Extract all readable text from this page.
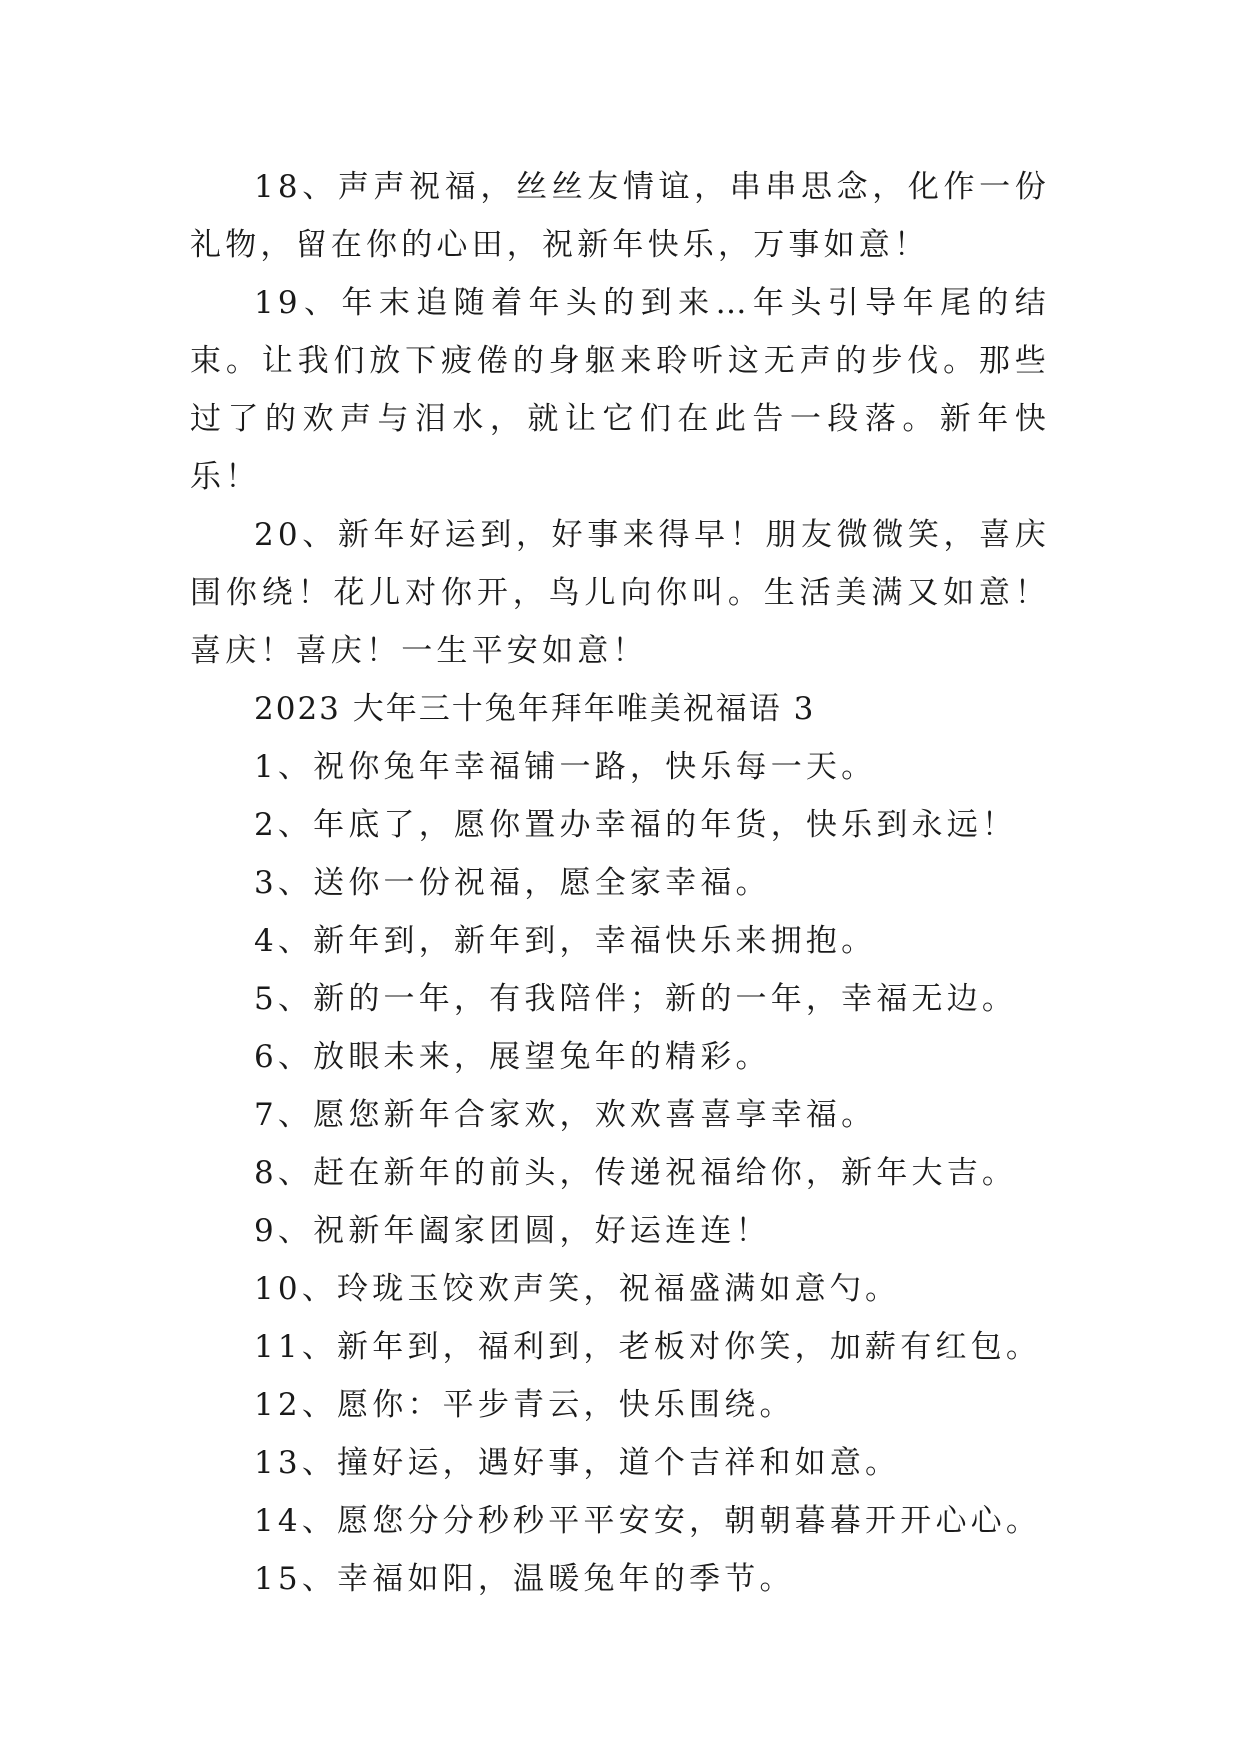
18、声声祝福，丝丝友情谊，串串思念，化作一份礼物，留在你的心田，祝新年快乐，万事如意！

19、年末追随着年头的到来…年头引导年尾的结束。让我们放下疲倦的身躯来聆听这无声的步伐。那些过了的欢声与泪水，就让它们在此告一段落。新年快乐！

20、新年好运到，好事来得早！朋友微微笑，喜庆围你绕！花儿对你开，鸟儿向你叫。生活美满又如意！喜庆！喜庆！一生平安如意！

2023 大年三十兔年拜年唯美祝福语 3

1、祝你兔年幸福铺一路，快乐每一天。

2、年底了，愿你置办幸福的年货，快乐到永远！

3、送你一份祝福，愿全家幸福。

4、新年到，新年到，幸福快乐来拥抱。

5、新的一年，有我陪伴；新的一年，幸福无边。

6、放眼未来，展望兔年的精彩。

7、愿您新年合家欢，欢欢喜喜享幸福。

8、赶在新年的前头，传递祝福给你，新年大吉。

9、祝新年阖家团圆，好运连连！

10、玲珑玉饺欢声笑，祝福盛满如意勺。

11、新年到，福利到，老板对你笑，加薪有红包。

12、愿你：平步青云，快乐围绕。

13、撞好运，遇好事，道个吉祥和如意。

14、愿您分分秒秒平平安安，朝朝暮暮开开心心。

15、幸福如阳，温暖兔年的季节。
